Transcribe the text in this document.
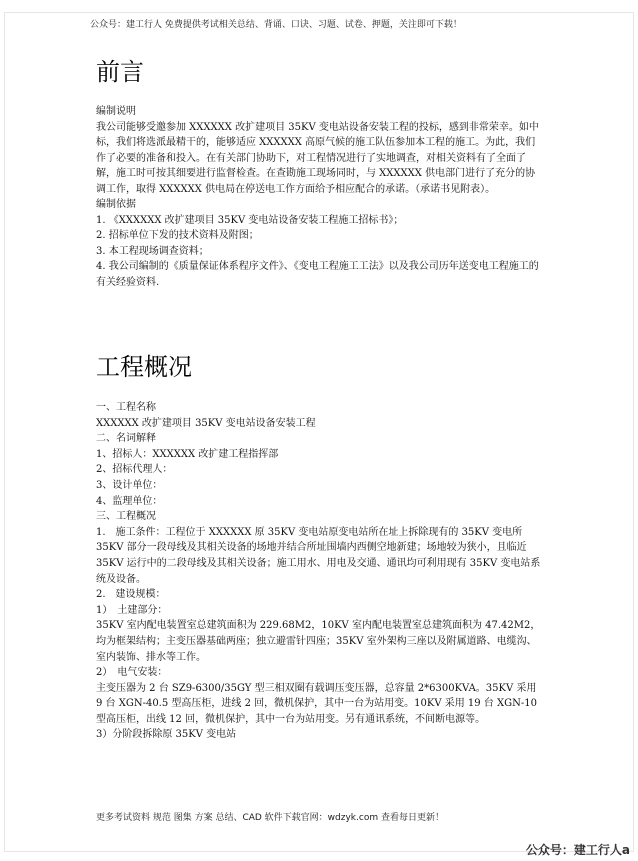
公众号：建工行人 免费提供考试相关总结、背诵、口诀、习题、试卷、押题，关注即可下载！
前言

编制说明

我公司能够受邀参加 XXXXXX 改扩建项目 35KV 变电站设备安装工程的投标，感到非常荣幸。如中标，我们将选派最精干的，能够适应 XXXXXX 高原气候的施工队伍参加本工程的施工。为此，我们作了必要的准备和投入。在有关部门协助下，对工程情况进行了实地调查，对相关资料有了全面了解，施工时可按其细要进行监督检查。在查勘施工现场同时，与 XXXXXX 供电部门进行了充分的协调工作，取得 XXXXXX 供电局在停送电工作方面给予相应配合的承诺。（承诺书见附表）。

编制依据

1. 《XXXXXX 改扩建项目 35KV 变电站设备安装工程施工招标书》；

2. 招标单位下发的技术资料及附图；

3. 本工程现场调查资料；

4. 我公司编制的《质量保证体系程序文件》、《变电工程施工工法》以及我公司历年送变电工程施工的有关经验资料.

工程概况

一、工程名称

XXXXXX 改扩建项目 35KV 变电站设备安装工程

二、名词解释

1、招标人：XXXXXX 改扩建工程指挥部

2、招标代理人：

3、设计单位：

4、监理单位：

三、工程概况

1.　施工条件：工程位于 XXXXXX 原 35KV 变电站原变电站所在址上拆除现有的 35KV 变电所 35KV 部分一段母线及其相关设备的场地并结合所址围墙内西侧空地新建；场地较为狭小，且临近 35KV 运行中的二段母线及其相关设备；施工用水、用电及交通、通讯均可利用现有 35KV 变电站系统及设备。

2.　建设规模：

1）　土建部分：

35KV 室内配电装置室总建筑面积为 229.68M2，10KV 室内配电装置室总建筑面积为 47.42M2，均为框架结构；主变压器基础两座；独立避雷针四座；35KV 室外架构三座以及附属道路、电缆沟、室内装饰、排水等工作。

2）　电气安装：

主变压器为 2 台 SZ9-6300/35GY 型三相双圈有载调压变压器，总容量 2*6300KVA。35KV 采用 9 台 XGN-40.5 型高压柜，进线 2 回，微机保护，其中一台为站用变。10KV 采用 19 台 XGN-10 型高压柜，出线 12 回，微机保护，其中一台为站用变。另有通讯系统，不间断电源等。

3）分阶段拆除原 35KV 变电站

更多考试资料 规范 图集 方案 总结、CAD 软件下载官网：wdzyk.com 查看每日更新！
公众号：建工行人a
